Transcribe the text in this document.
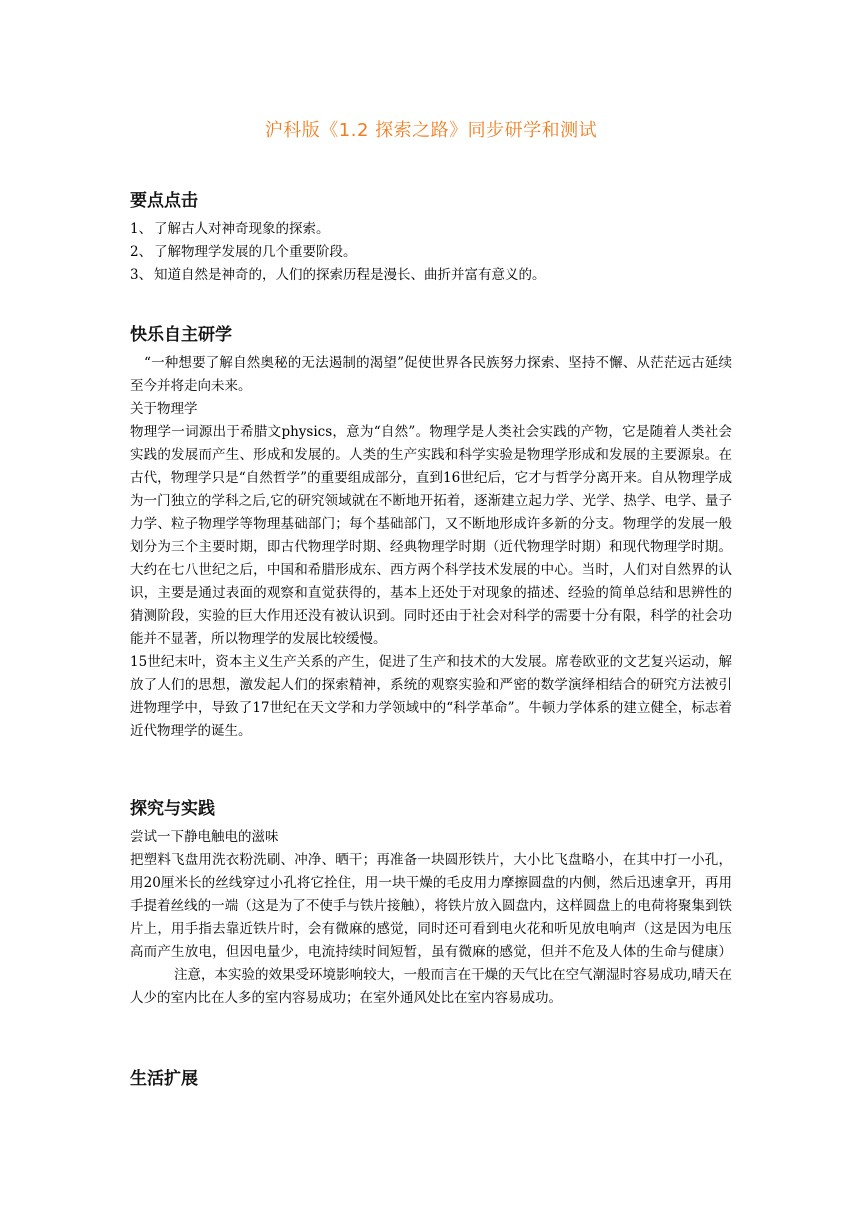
沪科版《1.2 探索之路》同步研学和测试
要点点击

1、 了解古人对神奇现象的探索。

2、 了解物理学发展的几个重要阶段。

3、 知道自然是神奇的，人们的探索历程是漫长、曲折并富有意义的。

快乐自主研学

“一种想要了解自然奥秘的无法遏制的渴望”促使世界各民族努力探索、坚持不懈、从茫茫远古延续至今并将走向未来。

关于物理学

物理学一词源出于希腊文physics，意为“自然”。物理学是人类社会实践的产物，它是随着人类社会实践的发展而产生、形成和发展的。人类的生产实践和科学实验是物理学形成和发展的主要源泉。在古代，物理学只是“自然哲学”的重要组成部分，直到16世纪后，它才与哲学分离开来。自从物理学成为一门独立的学科之后,它的研究领域就在不断地开拓着，逐渐建立起力学、光学、热学、电学、量子力学、粒子物理学等物理基础部门；每个基础部门，又不断地形成许多新的分支。物理学的发展一般划分为三个主要时期，即古代物理学时期、经典物理学时期（近代物理学时期）和现代物理学时期。大约在七八世纪之后，中国和希腊形成东、西方两个科学技术发展的中心。当时，人们对自然界的认识，主要是通过表面的观察和直觉获得的，基本上还处于对现象的描述、经验的简单总结和思辨性的猜测阶段，实验的巨大作用还没有被认识到。同时还由于社会对科学的需要十分有限，科学的社会功能并不显著，所以物理学的发展比较缓慢。

15世纪末叶，资本主义生产关系的产生，促进了生产和技术的大发展。席卷欧亚的文艺复兴运动，解放了人们的思想，激发起人们的探索精神，系统的观察实验和严密的数学演绎相结合的研究方法被引进物理学中，导致了17世纪在天文学和力学领域中的“科学革命”。牛顿力学体系的建立健全，标志着近代物理学的诞生。

探究与实践

尝试一下静电触电的滋味

把塑料飞盘用洗衣粉洗刷、冲净、晒干；再准备一块圆形铁片，大小比飞盘略小，在其中打一小孔，用20厘米长的丝线穿过小孔将它拴住，用一块干燥的毛皮用力摩擦圆盘的内侧，然后迅速拿开，再用手提着丝线的一端（这是为了不使手与铁片接触），将铁片放入圆盘内，这样圆盘上的电荷将聚集到铁片上，用手指去靠近铁片时，会有微麻的感觉，同时还可看到电火花和听见放电响声（这是因为电压高而产生放电，但因电量少，电流持续时间短暂，虽有微麻的感觉，但并不危及人体的生命与健康）注意，本实验的效果受环境影响较大，一般而言在干燥的天气比在空气潮湿时容易成功,晴天在人少的室内比在人多的室内容易成功；在室外通风处比在室内容易成功。

生活扩展
